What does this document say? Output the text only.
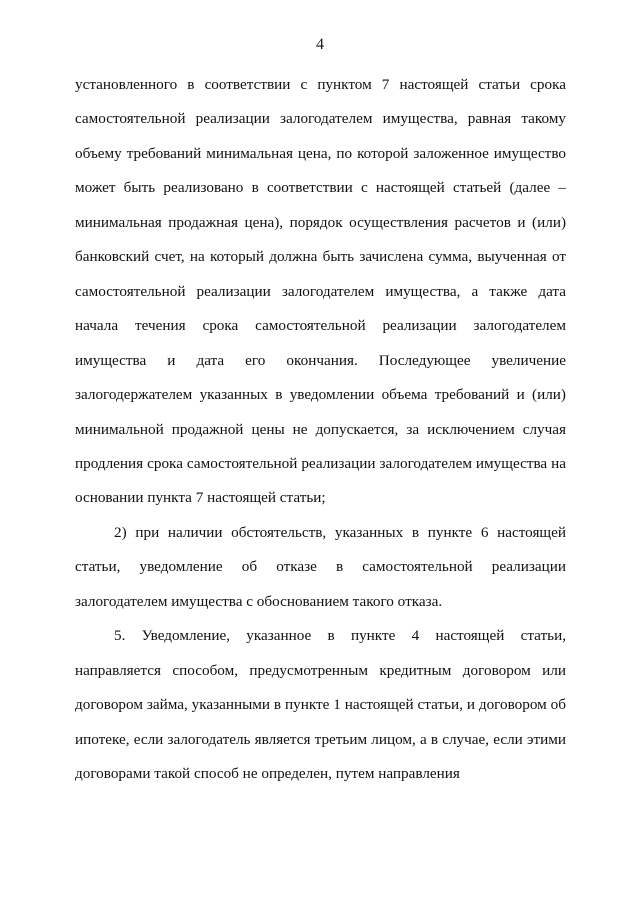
4

установленного в соответствии с пунктом 7 настоящей статьи срока самостоятельной реализации залогодателем имущества, равная такому объему требований минимальная цена, по которой заложенное имущество может быть реализовано в соответствии с настоящей статьей (далее – минимальная продажная цена), порядок осуществления расчетов и (или) банковский счет, на который должна быть зачислена сумма, выученная от самостоятельной реализации залогодателем имущества, а также дата начала течения срока самостоятельной реализации залогодателем имущества и дата его окончания. Последующее увеличение залогодержателем указанных в уведомлении объема требований и (или) минимальной продажной цены не допускается, за исключением случая продления срока самостоятельной реализации залогодателем имущества на основании пункта 7 настоящей статьи;

2) при наличии обстоятельств, указанных в пункте 6 настоящей статьи, уведомление об отказе в самостоятельной реализации залогодателем имущества с обоснованием такого отказа.

5. Уведомление, указанное в пункте 4 настоящей статьи, направляется способом, предусмотренным кредитным договором или договором займа, указанными в пункте 1 настоящей статьи, и договором об ипотеке, если залогодатель является третьим лицом, а в случае, если этими договорами такой способ не определен, путем направления
